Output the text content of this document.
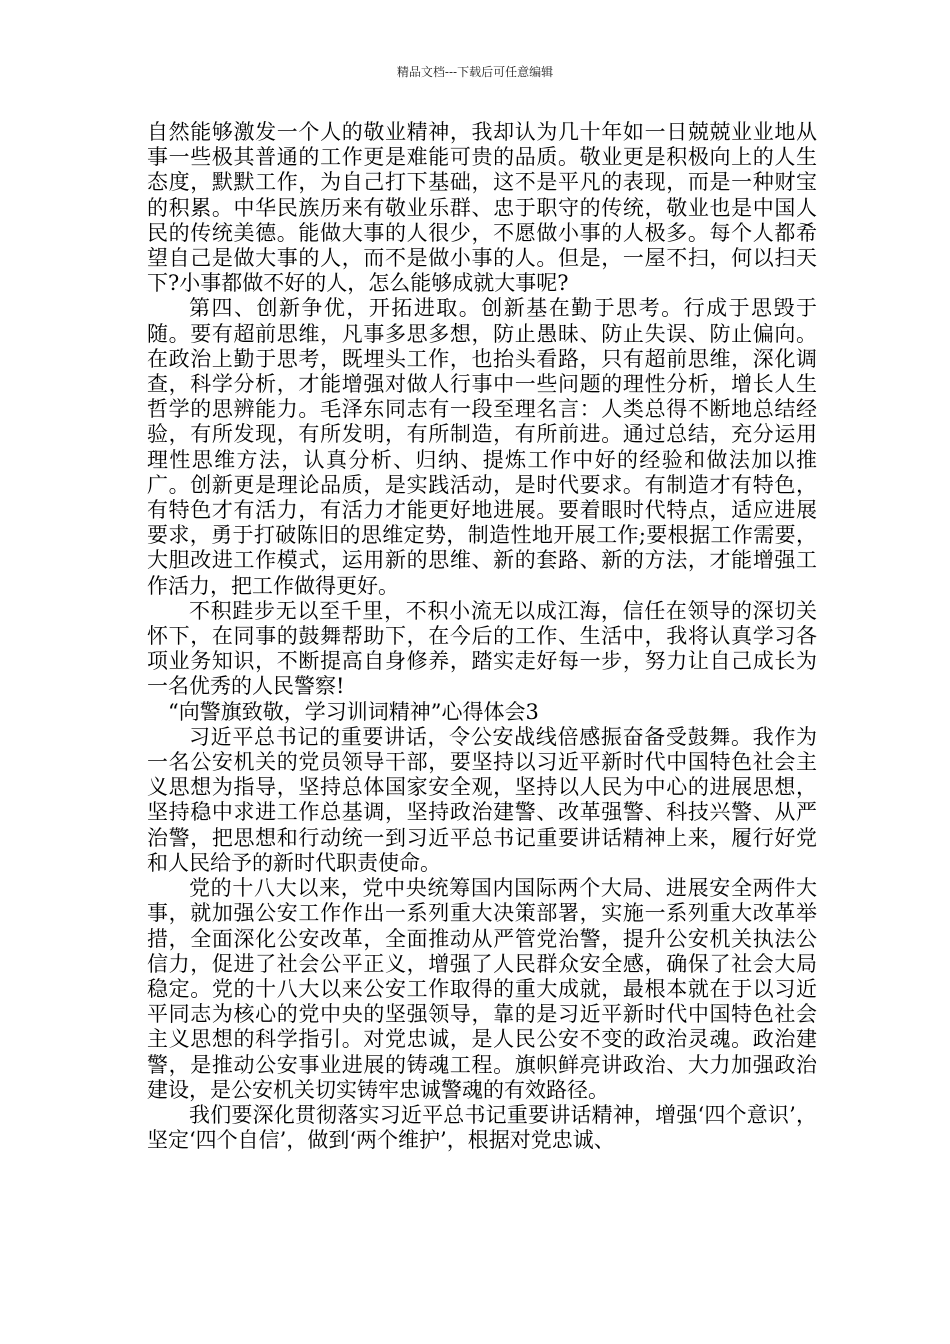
精品文档---下载后可任意编辑

自然能够激发一个人的敬业精神，我却认为几十年如一日兢兢业业地从事一些极其普通的工作更是难能可贵的品质。敬业更是积极向上的人生态度，默默工作，为自己打下基础，这不是平凡的表现，而是一种财宝的积累。中华民族历来有敬业乐群、忠于职守的传统，敬业也是中国人民的传统美德。能做大事的人很少，不愿做小事的人极多。每个人都希望自己是做大事的人，而不是做小事的人。但是，一屋不扫，何以扫天下?小事都做不好的人，怎么能够成就大事呢?

第四、创新争优，开拓进取。创新基在勤于思考。行成于思毁于随。要有超前思维，凡事多思多想，防止愚昧、防止失误、防止偏向。在政治上勤于思考，既埋头工作，也抬头看路，只有超前思维，深化调查，科学分析，才能增强对做人行事中一些问题的理性分析，增长人生哲学的思辨能力。毛泽东同志有一段至理名言：人类总得不断地总结经验，有所发现，有所发明，有所制造，有所前进。通过总结，充分运用理性思维方法，认真分析、归纳、提炼工作中好的经验和做法加以推广。创新更是理论品质，是实践活动，是时代要求。有制造才有特色，有特色才有活力，有活力才能更好地进展。要着眼时代特点，适应进展要求，勇于打破陈旧的思维定势，制造性地开展工作;要根据工作需要，大胆改进工作模式，运用新的思维、新的套路、新的方法，才能增强工作活力，把工作做得更好。

不积跬步无以至千里，不积小流无以成江海，信任在领导的深切关怀下，在同事的鼓舞帮助下，在今后的工作、生活中，我将认真学习各项业务知识，不断提高自身修养，踏实走好每一步，努力让自己成长为一名优秀的人民警察!

“向警旗致敬，学习训词精神”心得体会3

习近平总书记的重要讲话，令公安战线倍感振奋备受鼓舞。我作为一名公安机关的党员领导干部，要坚持以习近平新时代中国特色社会主义思想为指导，坚持总体国家安全观，坚持以人民为中心的进展思想，坚持稳中求进工作总基调，坚持政治建警、改革强警、科技兴警、从严治警，把思想和行动统一到习近平总书记重要讲话精神上来，履行好党和人民给予的新时代职责使命。

党的十八大以来，党中央统筹国内国际两个大局、进展安全两件大事，就加强公安工作作出一系列重大决策部署，实施一系列重大改革举措，全面深化公安改革，全面推动从严管党治警，提升公安机关执法公信力，促进了社会公平正义，增强了人民群众安全感，确保了社会大局稳定。党的十八大以来公安工作取得的重大成就，最根本就在于以习近平同志为核心的党中央的坚强领导，靠的是习近平新时代中国特色社会主义思想的科学指引。对党忠诚，是人民公安不变的政治灵魂。政治建警，是推动公安事业进展的铸魂工程。旗帜鲜亮讲政治、大力加强政治建设，是公安机关切实铸牢忠诚警魂的有效路径。

我们要深化贯彻落实习近平总书记重要讲话精神，增强‘四个意识’，坚定‘四个自信’，做到‘两个维护’，根据对党忠诚、
